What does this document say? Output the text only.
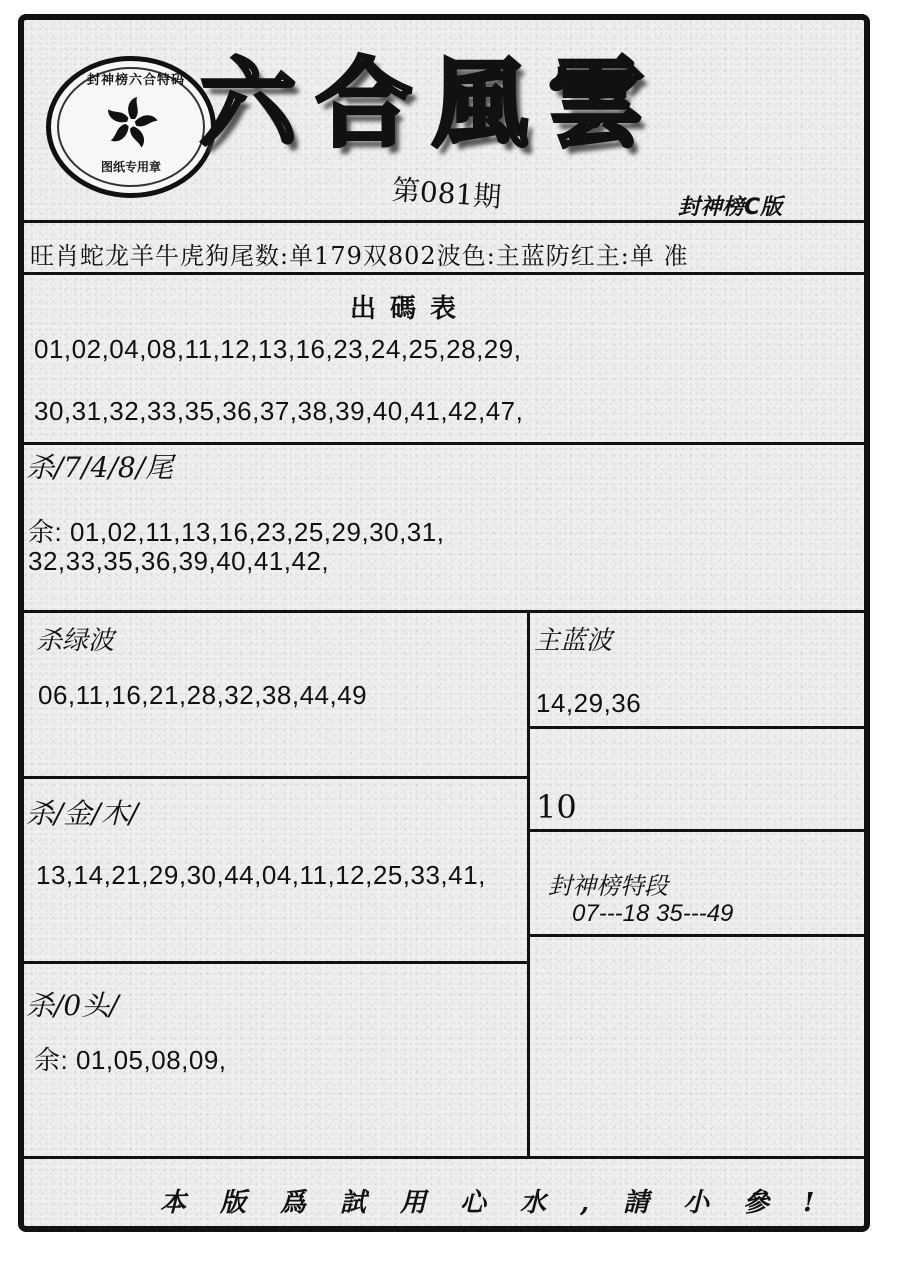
封神榜六合特码
图纸专用章
六合風雲
第081期	封神榜C版
旺肖蛇龙羊牛虎狗尾数:单179双802波色:主蓝防红主:单 准
出碼表
01,02,04,08,11,12,13,16,23,24,25,28,29,
30,31,32,33,35,36,37,38,39,40,41,42,47,
杀/7/4/8/尾
余: 01,02,11,13,16,23,25,29,30,31,
32,33,35,36,39,40,41,42,
杀绿波
06,11,16,21,28,32,38,44,49
主蓝波
14,29,36
杀/金/木/
13,14,21,29,30,44,04,11,12,25,33,41,
10
封神榜特段
07---18 35---49
杀/0头/
余: 01,05,08,09,
本版爲試用心水,請小參!
